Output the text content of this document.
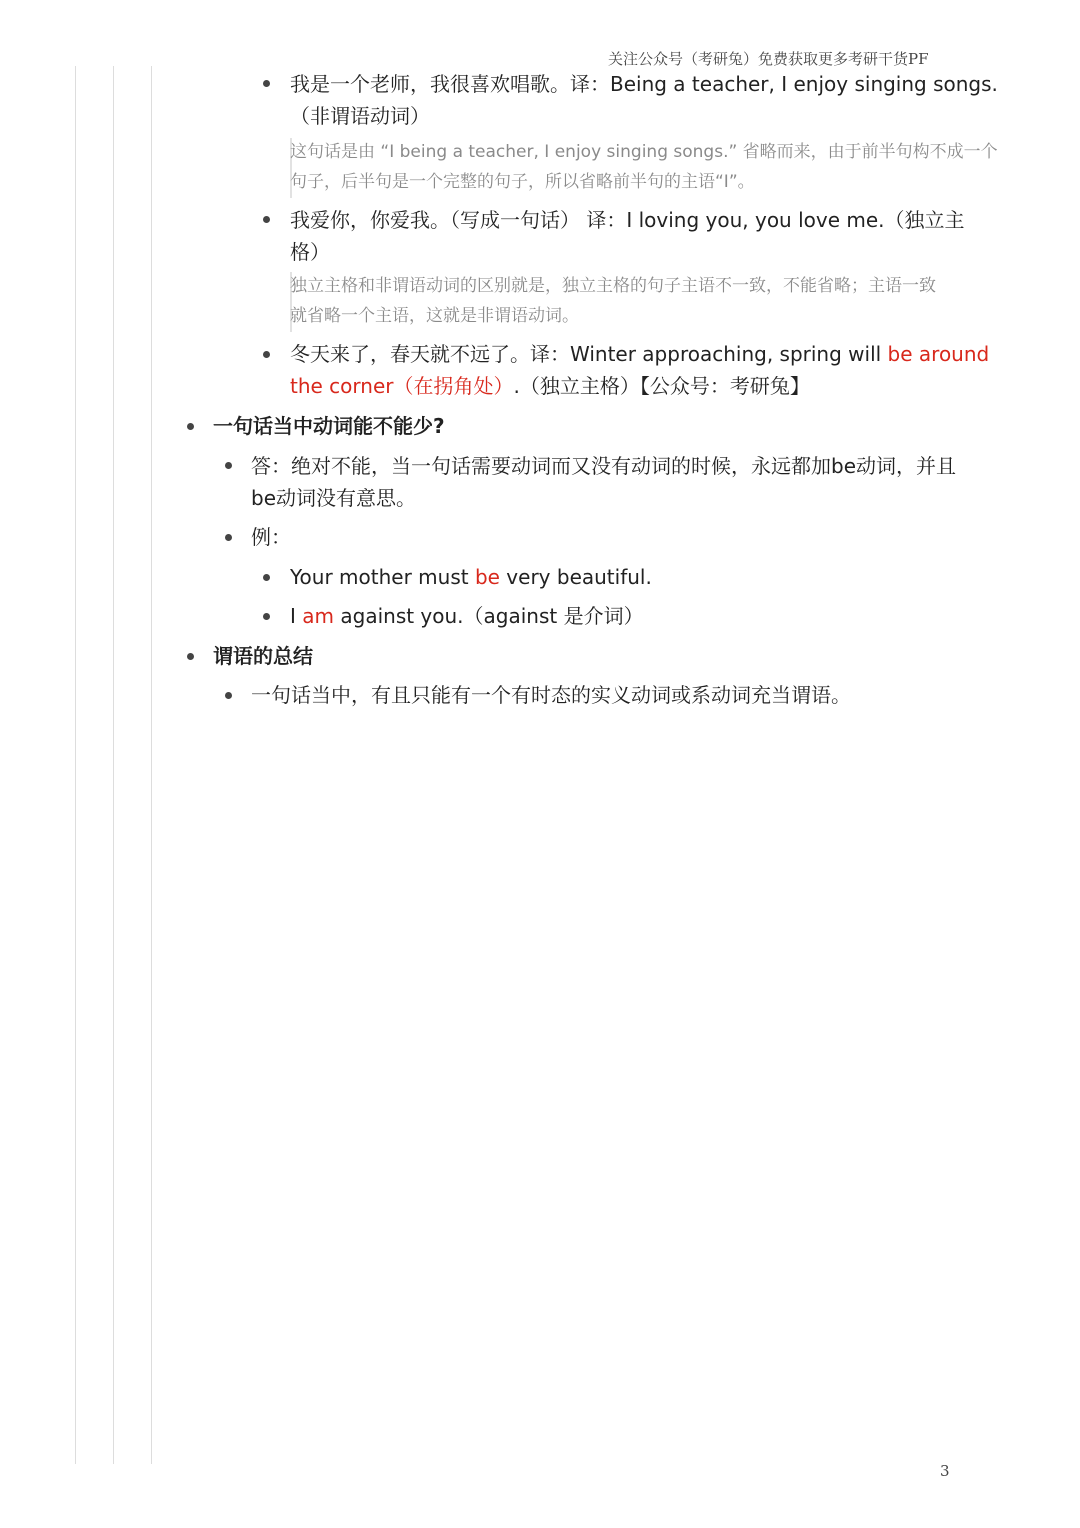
关注公众号（考研兔）免费获取更多考研干货PF
我是一个老师，我很喜欢唱歌。译：Being a teacher, I enjoy singing songs.
（非谓语动词）
这句话是由 “I being a teacher, I enjoy singing songs.” 省略而来，由于前半句构不成一个
句子，后半句是一个完整的句子，所以省略前半句的主语“I”。
我爱你，你爱我。（写成一句话） 译：I loving you, you love me.（独立主
格）
独立主格和非谓语动词的区别就是，独立主格的句子主语不一致，不能省略；主语一致
就省略一个主语，这就是非谓语动词。
冬天来了，春天就不远了。译：Winter approaching, spring will be around
the corner（在拐角处）.（独立主格）【公众号：考研兔】
一句话当中动词能不能少?
答：绝对不能，当一句话需要动词而又没有动词的时候，永远都加be动词，并且
be动词没有意思。
例：
Your mother must be very beautiful.
I am against you.（against 是介词）
谓语的总结
一句话当中，有且只能有一个有时态的实义动词或系动词充当谓语。
3
